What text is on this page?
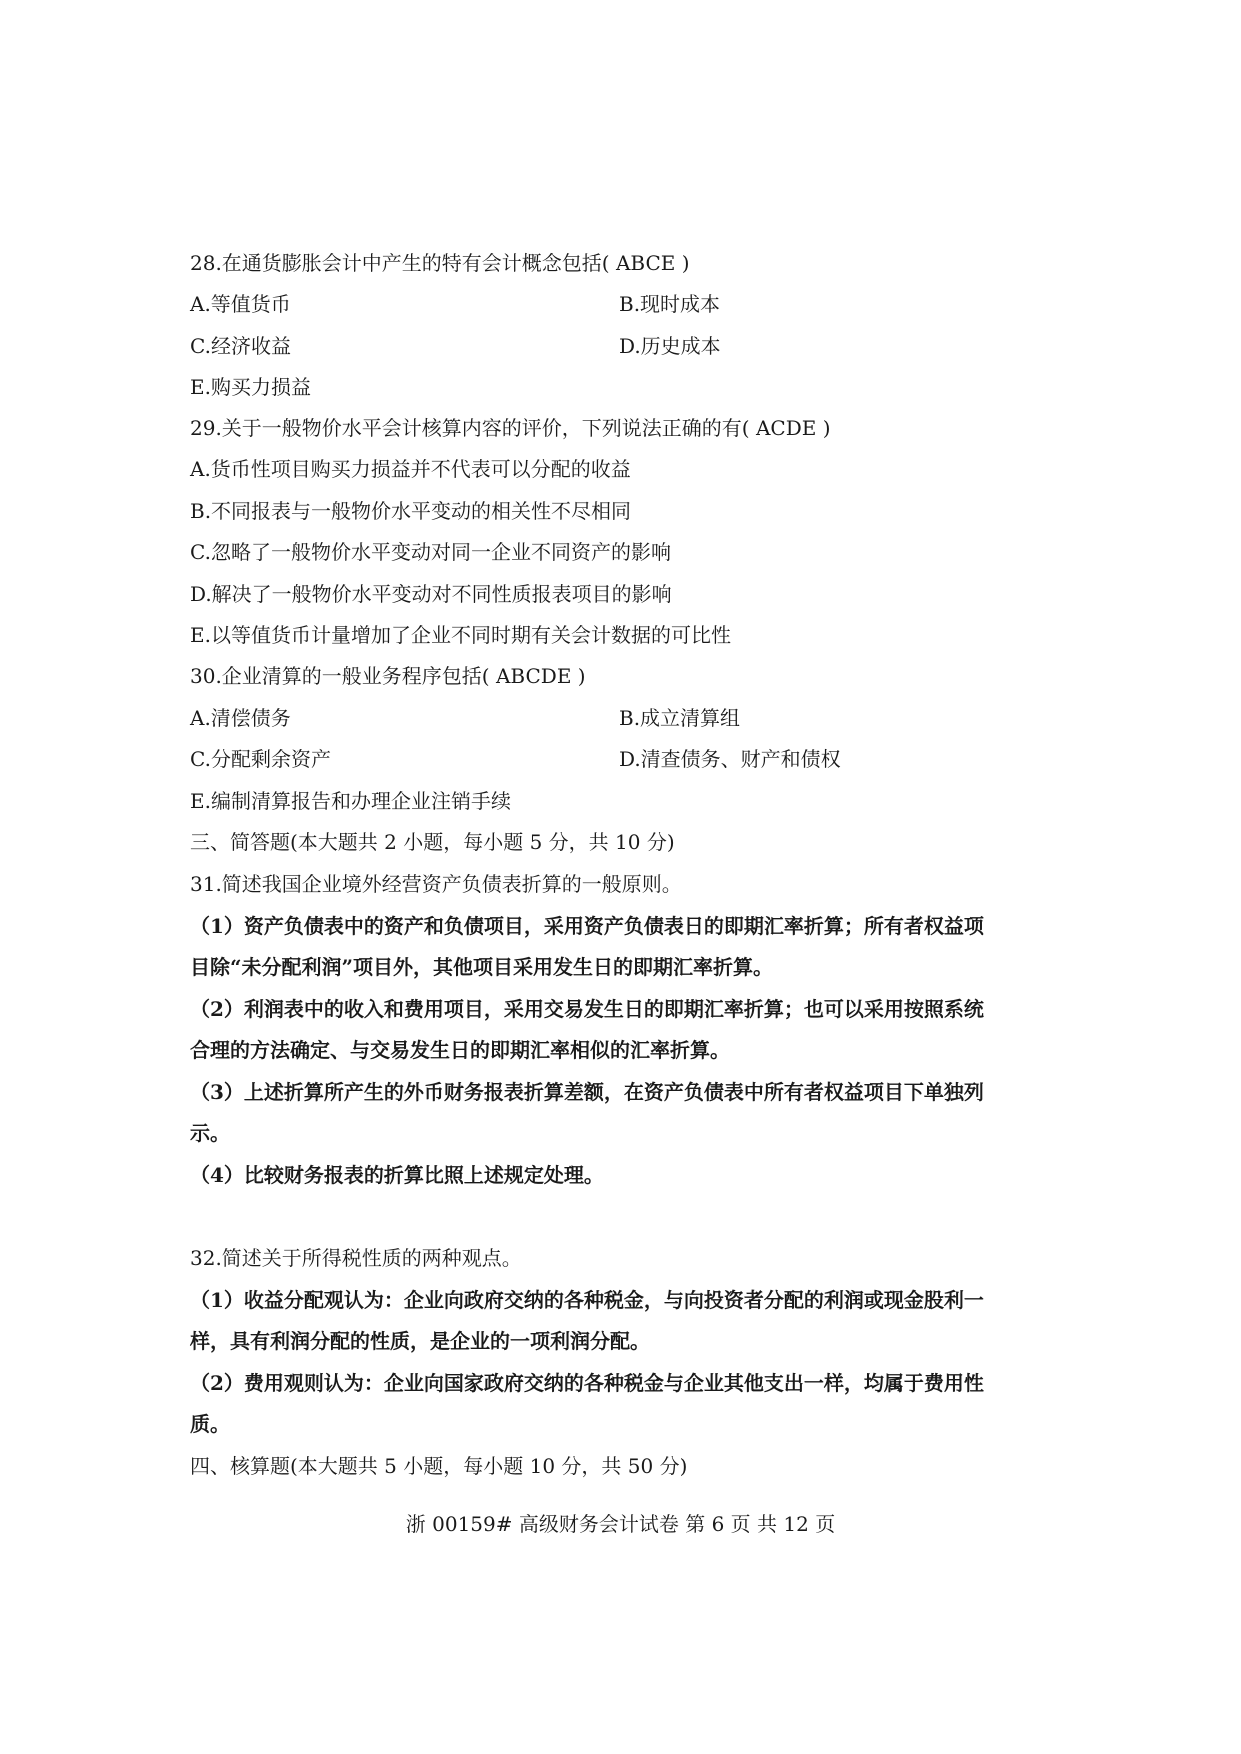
28.在通货膨胀会计中产生的特有会计概念包括( ABCE )
A.等值货币	B.现时成本
C.经济收益	D.历史成本
E.购买力损益
29.关于一般物价水平会计核算内容的评价，下列说法正确的有( ACDE )
A.货币性项目购买力损益并不代表可以分配的收益
B.不同报表与一般物价水平变动的相关性不尽相同
C.忽略了一般物价水平变动对同一企业不同资产的影响
D.解决了一般物价水平变动对不同性质报表项目的影响
E.以等值货币计量增加了企业不同时期有关会计数据的可比性
30.企业清算的一般业务程序包括( ABCDE )
A.清偿债务	B.成立清算组
C.分配剩余资产	D.清查债务、财产和债权
E.编制清算报告和办理企业注销手续
三、简答题(本大题共 2 小题，每小题 5 分，共 10 分)
31.简述我国企业境外经营资产负债表折算的一般原则。
（1）资产负债表中的资产和负债项目，采用资产负债表日的即期汇率折算；所有者权益项
目除“未分配利润”项目外，其他项目采用发生日的即期汇率折算。
（2）利润表中的收入和费用项目，采用交易发生日的即期汇率折算；也可以采用按照系统
合理的方法确定、与交易发生日的即期汇率相似的汇率折算。
（3）上述折算所产生的外币财务报表折算差额，在资产负债表中所有者权益项目下单独列
示。
（4）比较财务报表的折算比照上述规定处理。
32.简述关于所得税性质的两种观点。
（1）收益分配观认为：企业向政府交纳的各种税金，与向投资者分配的利润或现金股利一
样，具有利润分配的性质，是企业的一项利润分配。
（2）费用观则认为：企业向国家政府交纳的各种税金与企业其他支出一样，均属于费用性
质。
四、核算题(本大题共 5 小题，每小题 10 分，共 50 分)
浙 00159# 高级财务会计试卷 第 6 页 共 12 页
